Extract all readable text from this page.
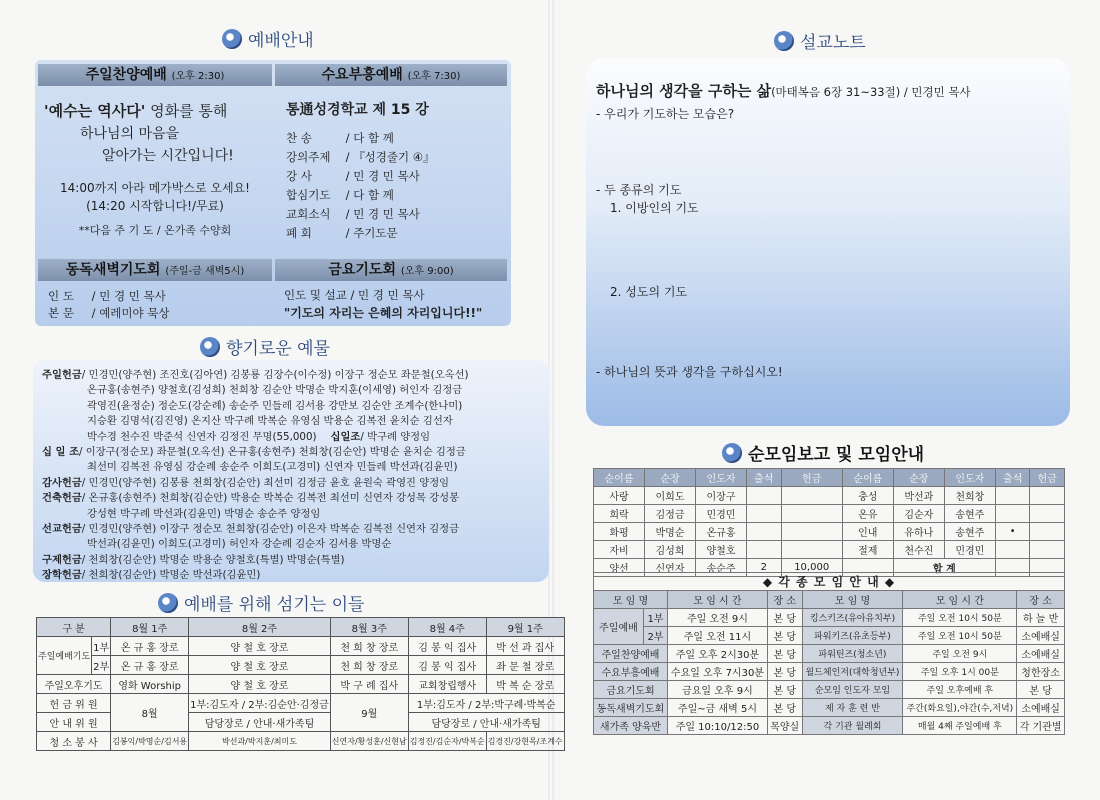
예배안내
주일찬양예배 (오후 2:30)	수요부흥예배 (오후 7:30)
'예수는 역사다' 영화를 통해
하나님의 마음을
알아가는 시간입니다!
14:00까지 아라 메가박스로 오세요!
(14:20 시작합니다!/무료)
**다음 주 기 도 / 온가족 수양회
통通성경학교 제 15 강
찬 송	/ 다 함 께
강의주제 / 『성경줄기 ④』
강 사	/ 민 경 민 목사
합심기도 / 다 함 께
교회소식 / 민 경 민 목사
폐 회	/ 주기도문
동독새벽기도회 (주일-금 새벽5시)	금요기도회 (오후 9:00)
인 도 / 민 경 민 목사
본 문 / 예레미야 묵상
인도 및 설교 / 민 경 민 목사
"기도의 자리는 은혜의 자리입니다!!"
향기로운 예물
주일헌금 / 민경민(양주현) 조진호(김아연) 김봉룡 김장수(이수정) 이장구 정순모 좌문철(오옥선)
온규홍(송현주) 양철호(김성희) 천희창 김순안 박명순 박지훈(이세영) 허인자 김정금
곽영진(윤정순) 정순도(강순례) 송순주 민들레 김서용 강만보 김순안 조계수(한나미)
지승환 김명석(김진영) 온지산 박구례 박복순 유영심 박용순 김복전 윤치순 김선자
박수경 천수진 박준석 신연자 김정진 무명(55,000) 십일조 / 박구례 양정임
십 일 조 / 이장구(정순모) 좌문철(오옥선) 온규홍(송현주) 천희창(김순안) 박명순 윤치순 김정금
최선미 김복전 유영심 강순례 송순주 이희도(고경미) 신연자 민들레 박선과(김윤민)
감사헌금 / 민경민(양주현) 김봉룡 천희창(김순안) 최선미 김정금 윤호 윤원숙 곽영진 양정임
건축헌금 / 온규홍(송현주) 천희창(김순안) 박용순 박복순 김복전 최선미 신연자 강성목 강성봉
강성현 박구례 박선과(김윤민) 박명순 송순주 양정임
선교헌금 / 민경민(양주현) 이장구 정순모 천희창(김순안) 이은자 박복순 김복전 신연자 김정금
박선과(김윤민) 이희도(고경미) 허인자 강순례 김순자 김서용 박명순
구제헌금 / 천희창(김순안) 박명순 박용순 양철호(특별) 박명순(특별)
장학헌금 / 천희창(김순안) 박명순 박선과(김윤민)
예배를 위해 섬기는 이들
구 분		8월 1주	8월 2주	8월 3주	8월 4주	9월 1주
주일예배기도	1부	온 규 홍 장로	양 철 호 장로	천 희 창 장로	김 봉 익 집사	박 선 과 집사
	2부	온 규 홍 장로	양 철 호 장로	천 희 창 장로	김 봉 익 집사	좌 문 철 장로
주일오후기도		영화 Worship	양 철 호 장로	박 구 례 집사	교회창립행사	박 복 순 장로
헌 금 위 원		8월	1부:김도자 / 2부:김순안·김정금	9월	1부:김도자 / 2부:박구례·박복순	
안 내 위 원			담당장로 / 안내·새가족팀		담당장로 / 안내·새가족팀	
청 소 봉 사		김봉익/박명순/김서용	박선과/박지훈/최미도	신연자/황성훈/신현남	김정진/김순자/박복순	김경진/강현목/조계수
설교노트
하나님의 생각을 구하는 삶(마태복음 6장 31~33절) / 민경민 목사
- 우리가 기도하는 모습은?
- 두 종류의 기도
1. 이방인의 기도
2. 성도의 기도
- 하나님의 뜻과 생각을 구하십시오!
순모임보고 및 모임안내
순이름	순장	인도자	출석	헌금	순이름	순장	인도자	출석	헌금
사랑	이희도	이장구			충성	박선과	천희창		
희락	김정금	민경민			온유	김순자	송현주		
화평	박명순	온규홍			인내	유하나	송현주	•	
자비	김성희	양철호			절제	천수진	민경민		
양선	신연자	송순주	2	10,000		합 계			
◆ 각 종 모 임 안 내 ◆						
모 임 명		모 임 시 간	장 소	모 임 명	모 임 시 간	장 소
주일예배	1부	주일 오전 9시	본 당	킹스키즈(유아유치부)	주일 오전 10시 50분	하 늘 반
	2부	주일 오전 11시	본 당	파워키즈(유초등부)	주일 오전 10시 50분	소예배실
주일찬양예배		주일 오후 2시30분	본 당	파워틴즈(청소년)	주일 오전 9시	소예배실
수요부흥예배		수요일 오후 7시30분	본 당	월드체인저(대학청년부)	주일 오후 1시 00분	청한장소
금요기도회		금요일 오후 9시	본 당	순모임 인도자 모임	주일 오후예배 후	본 당
동독새벽기도회		주일~금 새벽 5시	본 당	제 자 훈 련 반	주간(화요일),야간(수,저녁)	소예배실
새가족 양육반		주일 10:10/12:50	목양실	각 기관 월례회	매월 4째 주일예배 후	각 기관별
